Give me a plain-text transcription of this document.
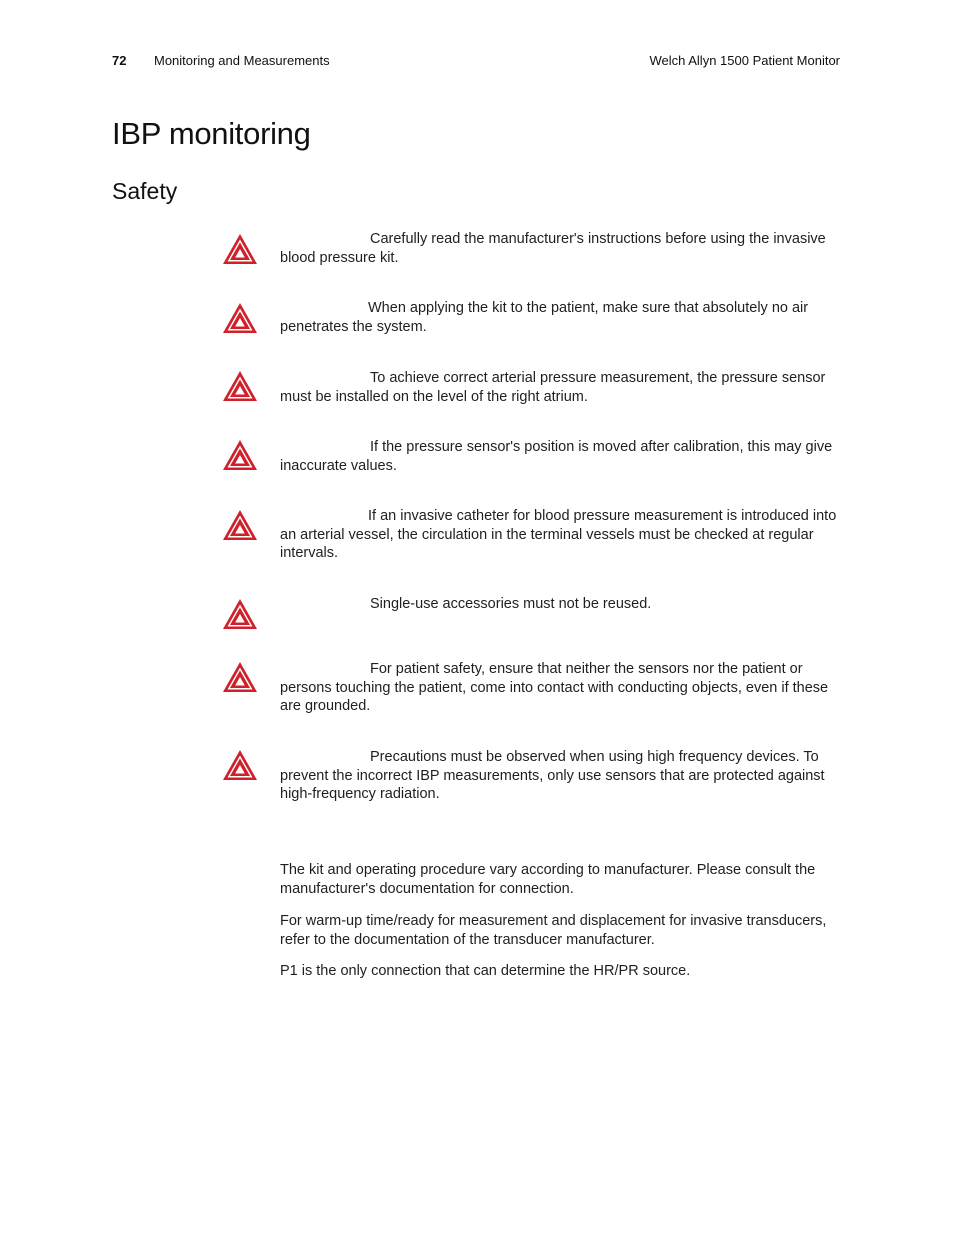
72 Monitoring and Measurements	Welch Allyn 1500 Patient Monitor
IBP monitoring
Safety

Carefully read the manufacturer's instructions before using the invasive blood pressure kit.

When applying the kit to the patient, make sure that absolutely no air penetrates the system.

To achieve correct arterial pressure measurement, the pressure sensor must be installed on the level of the right atrium.

If the pressure sensor's position is moved after calibration, this may give inaccurate values.

If an invasive catheter for blood pressure measurement is introduced into an arterial vessel, the circulation in the terminal vessels must be checked at regular intervals.

Single-use accessories must not be reused.

For patient safety, ensure that neither the sensors nor the patient or persons touching the patient, come into contact with conducting objects, even if these are grounded.

Precautions must be observed when using high frequency devices. To prevent the incorrect IBP measurements, only use sensors that are protected against high-frequency radiation.

The kit and operating procedure vary according to manufacturer. Please consult the manufacturer's documentation for connection.

For warm-up time/ready for measurement and displacement for invasive transducers, refer to the documentation of the transducer manufacturer.

P1 is the only connection that can determine the HR/PR source.
